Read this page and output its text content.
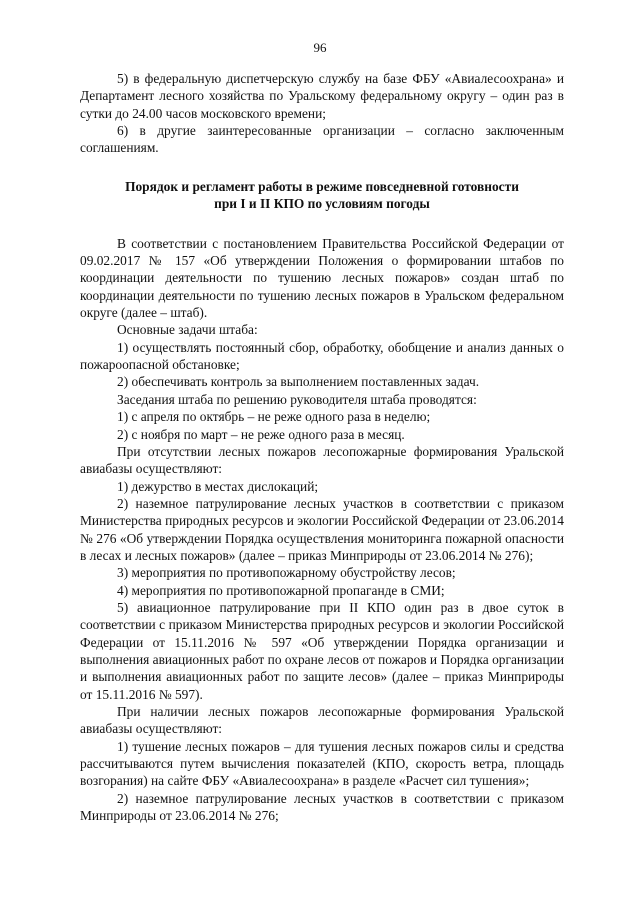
96

5) в федеральную диспетчерскую службу на базе ФБУ «Авиалесоохрана» и Департамент лесного хозяйства по Уральскому федеральному округу – один раз в сутки до 24.00 часов московского времени;

6) в другие заинтересованные организации – согласно заключенным соглашениям.

Порядок и регламент работы в режиме повседневной готовности
при I и II КПО по условиям погоды

В соответствии с постановлением Правительства Российской Федерации от 09.02.2017 № 157 «Об утверждении Положения о формировании штабов по координации деятельности по тушению лесных пожаров» создан штаб по координации деятельности по тушению лесных пожаров в Уральском федеральном округе (далее – штаб).

Основные задачи штаба:

1) осуществлять постоянный сбор, обработку, обобщение и анализ данных о пожароопасной обстановке;

2) обеспечивать контроль за выполнением поставленных задач.

Заседания штаба по решению руководителя штаба проводятся:

1) с апреля по октябрь – не реже одного раза в неделю;

2) с ноября по март – не реже одного раза в месяц.

При отсутствии лесных пожаров лесопожарные формирования Уральской авиабазы осуществляют:

1) дежурство в местах дислокаций;

2) наземное патрулирование лесных участков в соответствии с приказом Министерства природных ресурсов и экологии Российской Федерации от 23.06.2014 № 276 «Об утверждении Порядка осуществления мониторинга пожарной опасности в лесах и лесных пожаров» (далее – приказ Минприроды от 23.06.2014 № 276);

3) мероприятия по противопожарному обустройству лесов;

4) мероприятия по противопожарной пропаганде в СМИ;

5) авиационное патрулирование при II КПО один раз в двое суток в соответствии с приказом Министерства природных ресурсов и экологии Российской Федерации от 15.11.2016 № 597 «Об утверждении Порядка организации и выполнения авиационных работ по охране лесов от пожаров и Порядка организации и выполнения авиационных работ по защите лесов» (далее – приказ Минприроды от 15.11.2016 № 597).

При наличии лесных пожаров лесопожарные формирования Уральской авиабазы осуществляют:

1) тушение лесных пожаров – для тушения лесных пожаров силы и средства рассчитываются путем вычисления показателей (КПО, скорость ветра, площадь возгорания) на сайте ФБУ «Авиалесоохрана» в разделе «Расчет сил тушения»;

2) наземное патрулирование лесных участков в соответствии с приказом Минприроды от 23.06.2014 № 276;
